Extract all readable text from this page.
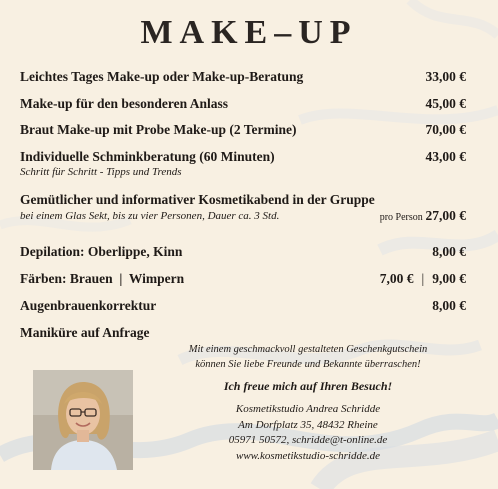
MAKE–UP
Leichtes Tages Make-up oder Make-up-Beratung	33,00 €
Make-up für den besonderen Anlass	45,00 €
Braut Make-up mit Probe Make-up (2 Termine)	70,00 €
Individuelle Schminkberatung (60 Minuten)	43,00 €
Schritt für Schritt - Tipps und Trends
Gemütlicher und informativer Kosmetikabend in der Gruppe
bei einem Glas Sekt, bis zu vier Personen, Dauer ca. 3 Std.	pro Person 27,00 €
Depilation: Oberlippe, Kinn	8,00 €
Färben: Brauen  |  Wimpern	7,00 € | 9,00 €
Augenbrauenkorrektur	8,00 €
Maniküre auf Anfrage
Mit einem geschmackvoll gestalteten Geschenkgutschein
können Sie liebe Freunde und Bekannte überraschen!
Ich freue mich auf Ihren Besuch!
Kosmetikstudio Andrea Schridde
Am Dorfplatz 35, 48432 Rheine
05971 50572, schridde@t-online.de
www.kosmetikstudio-schridde.de
